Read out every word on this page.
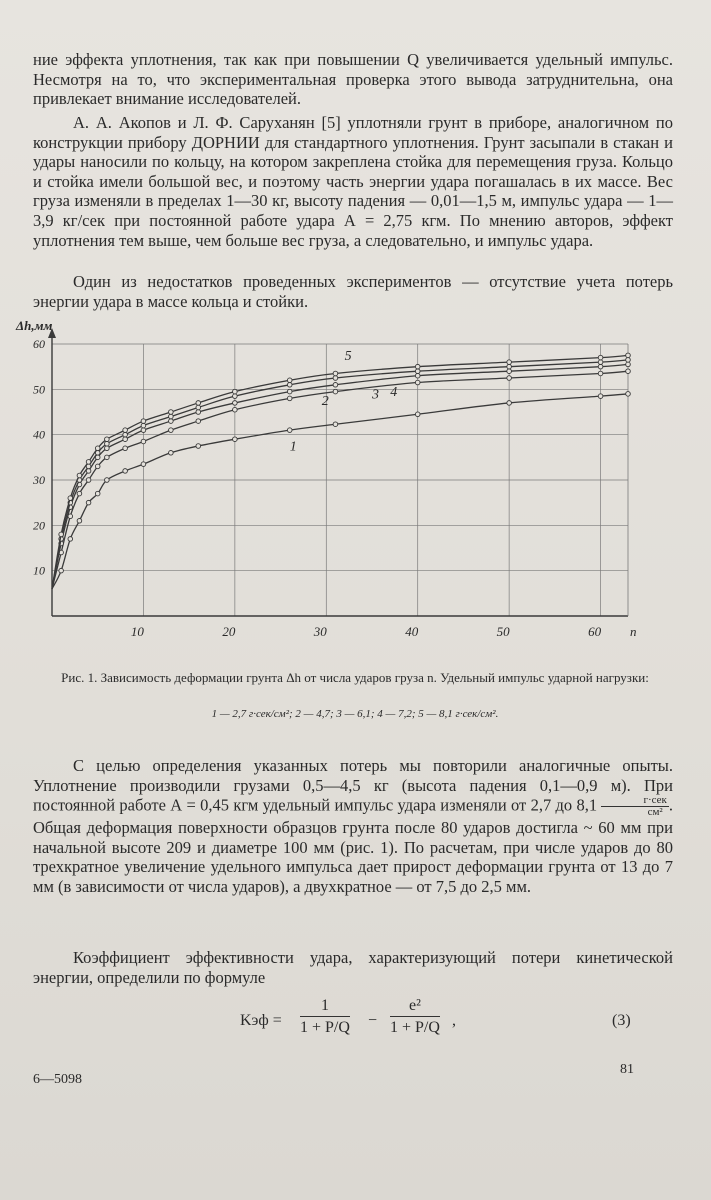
ние эффекта уплотнения, так как при повышении Q увеличивается удельный импульс. Несмотря на то, что экспериментальная проверка этого вывода затруднительна, она привлекает внимание исследователей.

А. А. Акопов и Л. Ф. Саруханян [5] уплотняли грунт в приборе, аналогичном по конструкции прибору ДОРНИИ для стандартного уплотнения. Грунт засыпали в стакан и удары наносили по кольцу, на котором закреплена стойка для перемещения груза. Кольцо и стойка имели большой вес, и поэтому часть энергии удара погашалась в их массе. Вес груза изменяли в пределах 1—30 кг, высоту падения — 0,01—1,5 м, импульс удара — 1—3,9 кг/сек при постоянной работе удара А = 2,75 кгм. По мнению авторов, эффект уплотнения тем выше, чем больше вес груза, а следовательно, и импульс удара.

Один из недостатков проведенных экспериментов — отсутствие учета потерь энергии удара в массе кольца и стойки.

10	20	30	40	50	60
10
20
30
40
50
60
Δh,мм
n
1
2	3 4
5

Рис. 1. Зависимость деформации грунта Δh от числа ударов груза n. Удельный импульс ударной нагрузки:

1 — 2,7 г·сек/см²; 2 — 4,7; 3 — 6,1; 4 — 7,2; 5 — 8,1 г·сек/см².

С целью определения указанных потерь мы повторили аналогичные опыты. Уплотнение производили грузами 0,5—4,5 кг (высота падения 0,1—0,9 м). При постоянной работе А = 0,45 кгм удельный импульс удара изменяли от 2,7 до $8,1 \frac{\text{г·сек}}{\text{см²}}$ . Общая деформация поверхности образцов грунта после 80 ударов достигла ~ 60 мм при начальной высоте 209 и диаметре 100 мм (рис. 1). По расчетам, при числе ударов до 80 трехкратное увеличение удельного импульса дает прирост деформации грунта от 13 до 7 мм (в зависимости от числа ударов), а двухкратное — от 7,5 до 2,5 мм.

Коэффициент эффективности удара, характеризующий потери кинетической энергии, определили по формуле

Kэф = $\frac{1}{1 + P/Q} - \frac{\text{e²}}{1 + P/Q}$ ,	(3)
6—5098
81
